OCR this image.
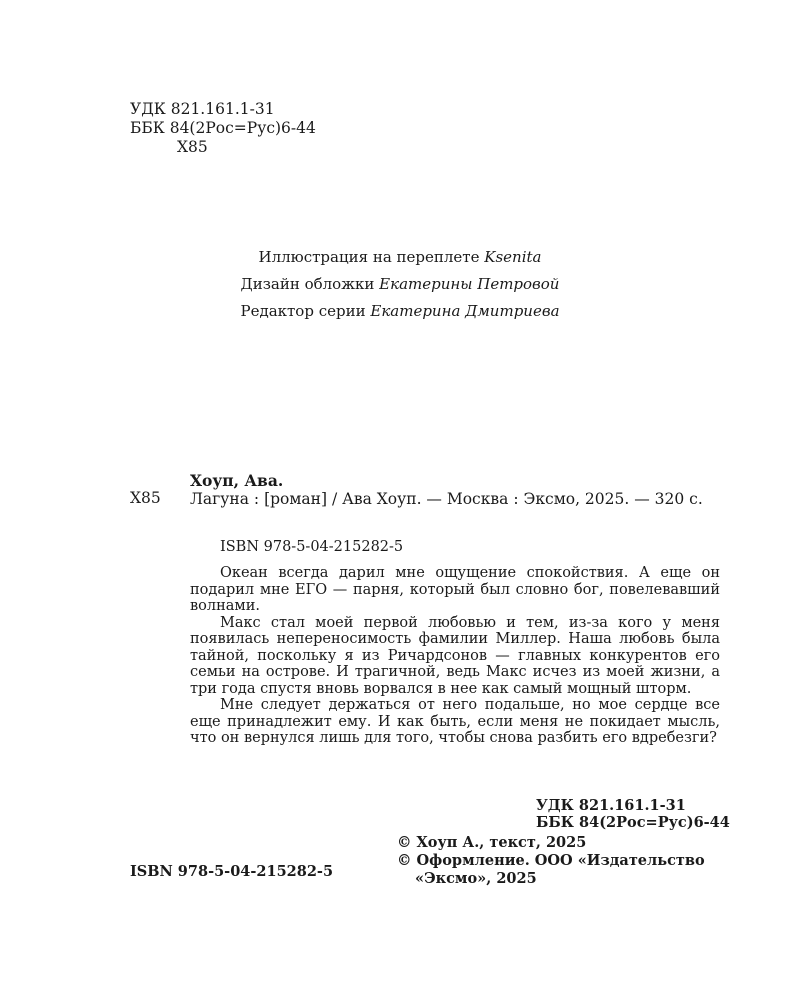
УДК 821.161.1-31
ББК 84(2Рос=Рус)6-44
Х85
Иллюстрация на переплете Ksenita
Дизайн обложки Екатерины Петровой
Редактор серии Екатерина Дмитриева
Хоуп, Ава.
Х85 Лагуна : [роман] / Ава Хоуп. — Москва : Эксмо, 2025. — 320 с.
ISBN 978-5-04-215282-5

Океан всегда дарил мне ощущение спокойствия. А еще он подарил мне ЕГО — парня, который был словно бог, повелевавший волнами.

Макс стал моей первой любовью и тем, из-за кого у меня появилась непереносимость фамилии Миллер. Наша любовь была тайной, поскольку я из Ричардсонов — главных конкурентов его семьи на острове. И трагичной, ведь Макс исчез из моей жизни, а три года спустя вновь ворвался в нее как самый мощный шторм.

Мне следует держаться от него подальше, но мое сердце все еще принадлежит ему. И как быть, если меня не покидает мысль, что он вернулся лишь для того, чтобы снова разбить его вдребезги?

УДК 821.161.1-31
ББК 84(2Рос=Рус)6-44
ISBN 978-5-04-215282-5
© Хоуп А., текст, 2025
© Оформление. ООО «Издательство
«Эксмо», 2025
